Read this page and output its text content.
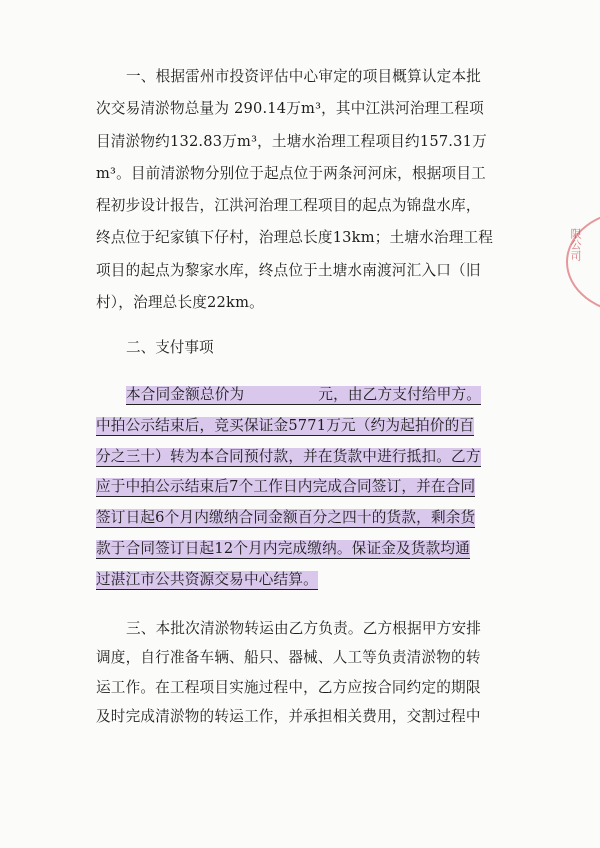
一、根据雷州市投资评估中心审定的项目概算认定本批
次交易清淤物总量为 290.14万m³，其中江洪河治理工程项
目清淤物约132.83万m³，土塘水治理工程项目约157.31万
m³。目前清淤物分别位于起点位于两条河河床，根据项目工
程初步设计报告，江洪河治理工程项目的起点为锦盘水库，
终点位于纪家镇下仔村，治理总长度13km；土塘水治理工程
项目的起点为黎家水库，终点位于土塘水南渡河汇入口（旧
村），治理总长度22km。
二、支付事项
本合同金额总价为　　　　　元，由乙方支付给甲方。
中拍公示结束后，竞买保证金5771万元（约为起拍价的百
分之三十）转为本合同预付款，并在货款中进行抵扣。乙方
应于中拍公示结束后7个工作日内完成合同签订，并在合同
签订日起6个月内缴纳合同金额百分之四十的货款，剩余货
款于合同签订日起12个月内完成缴纳。保证金及货款均通
过湛江市公共资源交易中心结算。
三、本批次清淤物转运由乙方负责。乙方根据甲方安排
调度，自行准备车辆、船只、器械、人工等负责清淤物的转
运工作。在工程项目实施过程中，乙方应按合同约定的期限
及时完成清淤物的转运工作，并承担相关费用，交割过程中
限公司
